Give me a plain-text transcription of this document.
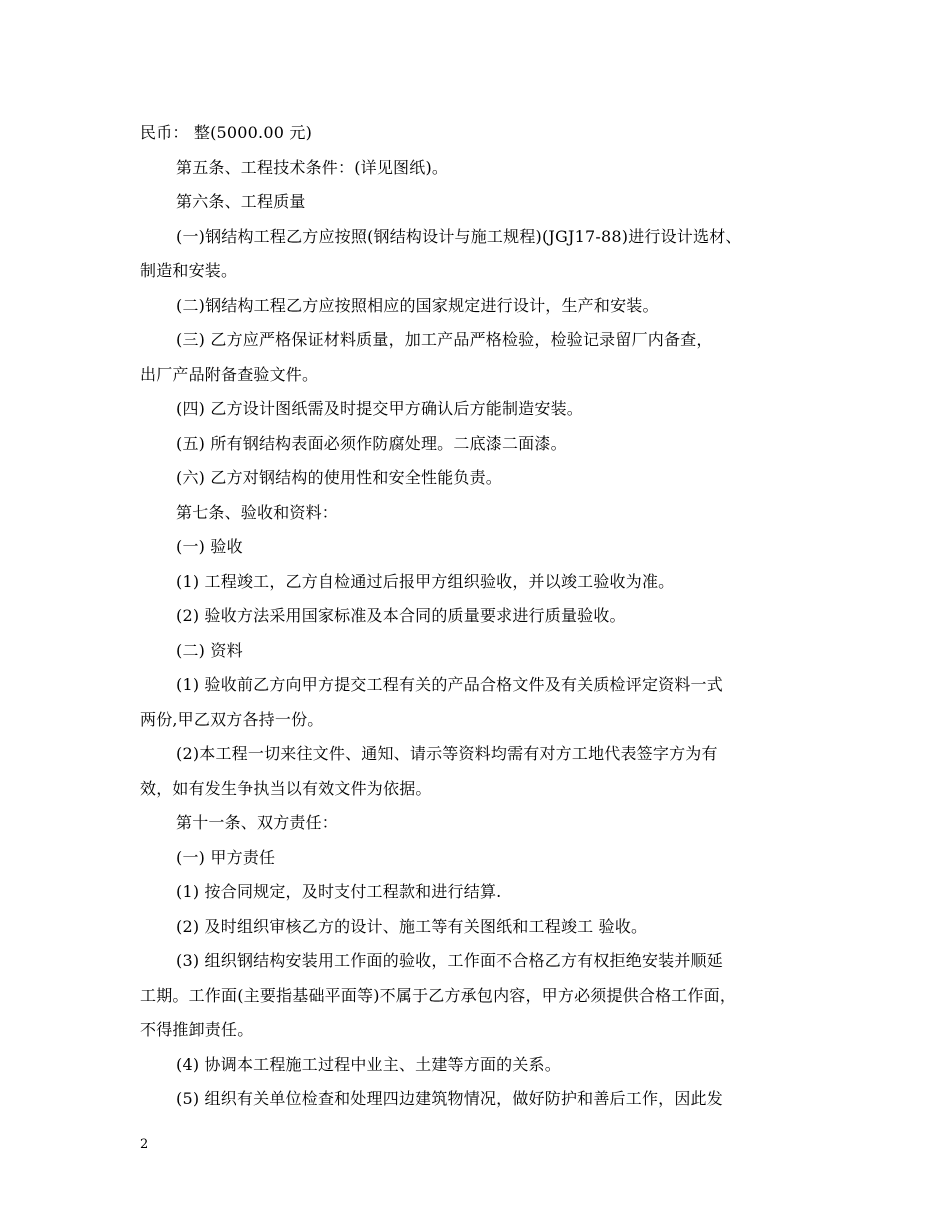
民币： 整(5000.00 元)

第五条、工程技术条件：(详见图纸)。

第六条、工程质量

(一)钢结构工程乙方应按照(钢结构设计与施工规程)(JGJ17-88)进行设计选材、

制造和安装。

(二)钢结构工程乙方应按照相应的国家规定进行设计，生产和安装。

(三) 乙方应严格保证材料质量，加工产品严格检验，检验记录留厂内备查，

出厂产品附备查验文件。

(四) 乙方设计图纸需及时提交甲方确认后方能制造安装。

(五) 所有钢结构表面必须作防腐处理。二底漆二面漆。

(六) 乙方对钢结构的使用性和安全性能负责。

第七条、验收和资料：

(一) 验收

(1) 工程竣工，乙方自检通过后报甲方组织验收，并以竣工验收为准。

(2) 验收方法采用国家标准及本合同的质量要求进行质量验收。

(二) 资料

(1) 验收前乙方向甲方提交工程有关的产品合格文件及有关质检评定资料一式

两份,甲乙双方各持一份。

(2)本工程一切来往文件、通知、请示等资料均需有对方工地代表签字方为有

效，如有发生争执当以有效文件为依据。

第十一条、双方责任：

(一) 甲方责任

(1) 按合同规定，及时支付工程款和进行结算.

(2) 及时组织审核乙方的设计、施工等有关图纸和工程竣工 验收。

(3) 组织钢结构安装用工作面的验收，工作面不合格乙方有权拒绝安装并顺延

工期。工作面(主要指基础平面等)不属于乙方承包内容，甲方必须提供合格工作面，

不得推卸责任。

(4) 协调本工程施工过程中业主、土建等方面的关系。

(5) 组织有关单位检查和处理四边建筑物情况，做好防护和善后工作，因此发

2
